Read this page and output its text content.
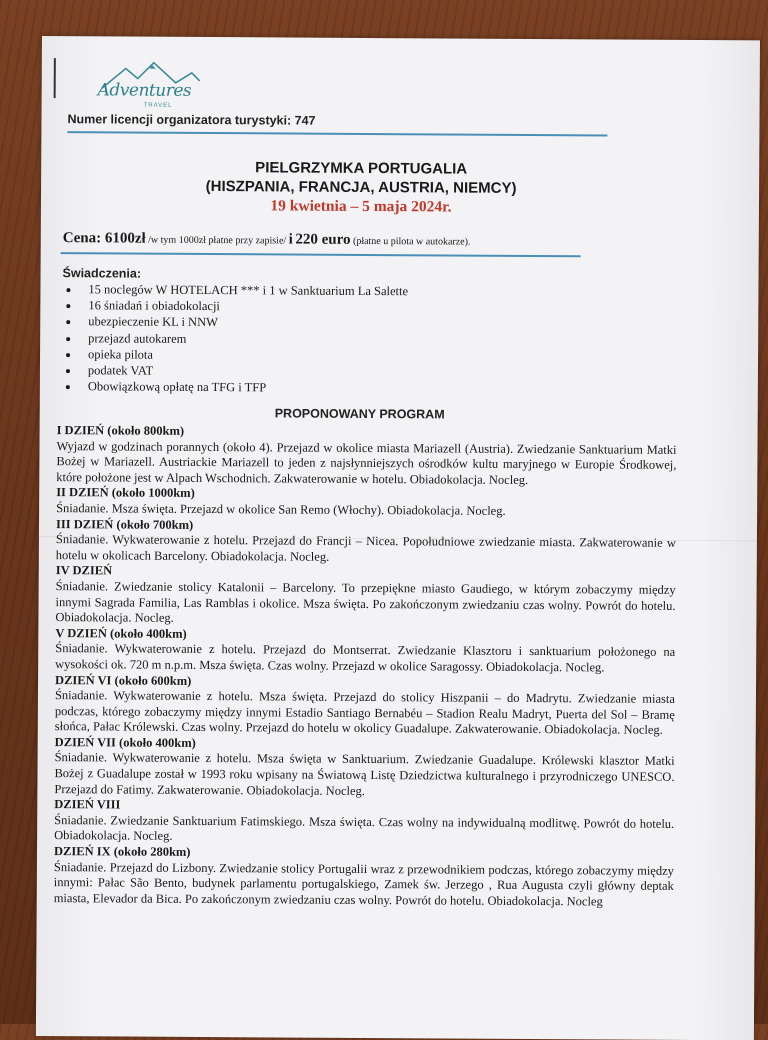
Adventures
TRAVEL
Numer licencji organizatora turystyki: 747
PIELGRZYMKA PORTUGALIA
(HISZPANIA, FRANCJA, AUSTRIA, NIEMCY)
19 kwietnia – 5 maja 2024r.
Cena: 6100zł /w tym 1000zł płatne przy zapisie/ i 220 euro (płatne u pilota w autokarze).
Świadczenia:
• 15 noclegów W HOTELACH *** i 1 w Sanktuarium La Salette
• 16 śniadań i obiadokolacji
• ubezpieczenie KL i NNW
• przejazd autokarem
• opieka pilota
• podatek VAT
• Obowiązkową opłatę na TFG i TFP
PROPONOWANY PROGRAM
I DZIEŃ (około 800km)
Wyjazd w godzinach porannych (około 4). Przejazd w okolice miasta Mariazell (Austria). Zwiedzanie Sanktuarium Matki Bożej w Mariazell. Austriackie Mariazell to jeden z najsłynniejszych ośrodków kultu maryjnego w Europie Środkowej, które położone jest w Alpach Wschodnich. Zakwaterowanie w hotelu. Obiadokolacja. Nocleg.
II DZIEŃ (około 1000km)
Śniadanie. Msza święta. Przejazd w okolice San Remo (Włochy). Obiadokolacja. Nocleg.
III DZIEŃ (około 700km)
Śniadanie. Wykwaterowanie z hotelu. Przejazd do Francji – Nicea. Popołudniowe zwiedzanie miasta. Zakwaterowanie w hotelu w okolicach Barcelony. Obiadokolacja. Nocleg.
IV DZIEŃ
Śniadanie. Zwiedzanie stolicy Katalonii – Barcelony. To przepiękne miasto Gaudiego, w którym zobaczymy między innymi Sagrada Familia, Las Ramblas i okolice. Msza święta. Po zakończonym zwiedzaniu czas wolny. Powrót do hotelu. Obiadokolacja. Nocleg.
V DZIEŃ (około 400km)
Śniadanie. Wykwaterowanie z hotelu. Przejazd do Montserrat. Zwiedzanie Klasztoru i sanktuarium położonego na wysokości ok. 720 m n.p.m. Msza święta. Czas wolny. Przejazd w okolice Saragossy. Obiadokolacja. Nocleg.
DZIEŃ VI (około 600km)
Śniadanie. Wykwaterowanie z hotelu. Msza święta. Przejazd do stolicy Hiszpanii – do Madrytu. Zwiedzanie miasta podczas, którego zobaczymy między innymi Estadio Santiago Bernabéu – Stadion Realu Madryt, Puerta del Sol – Bramę słońca, Pałac Królewski. Czas wolny. Przejazd do hotelu w okolicy Guadalupe. Zakwaterowanie. Obiadokolacja. Nocleg.
DZIEŃ VII (około 400km)
Śniadanie. Wykwaterowanie z hotelu. Msza święta w Sanktuarium. Zwiedzanie Guadalupe. Królewski klasztor Matki Bożej z Guadalupe został w 1993 roku wpisany na Światową Listę Dziedzictwa kulturalnego i przyrodniczego UNESCO. Przejazd do Fatimy. Zakwaterowanie. Obiadokolacja. Nocleg.
DZIEŃ VIII
Śniadanie. Zwiedzanie Sanktuarium Fatimskiego. Msza święta. Czas wolny na indywidualną modlitwę. Powrót do hotelu. Obiadokolacja. Nocleg.
DZIEŃ IX (około 280km)
Śniadanie. Przejazd do Lizbony. Zwiedzanie stolicy Portugalii wraz z przewodnikiem podczas, którego zobaczymy między innymi: Pałac São Bento, budynek parlamentu portugalskiego, Zamek św. Jerzego , Rua Augusta czyli główny deptak miasta, Elevador da Bica. Po zakończonym zwiedzaniu czas wolny. Powrót do hotelu. Obiadokolacja. Nocleg
